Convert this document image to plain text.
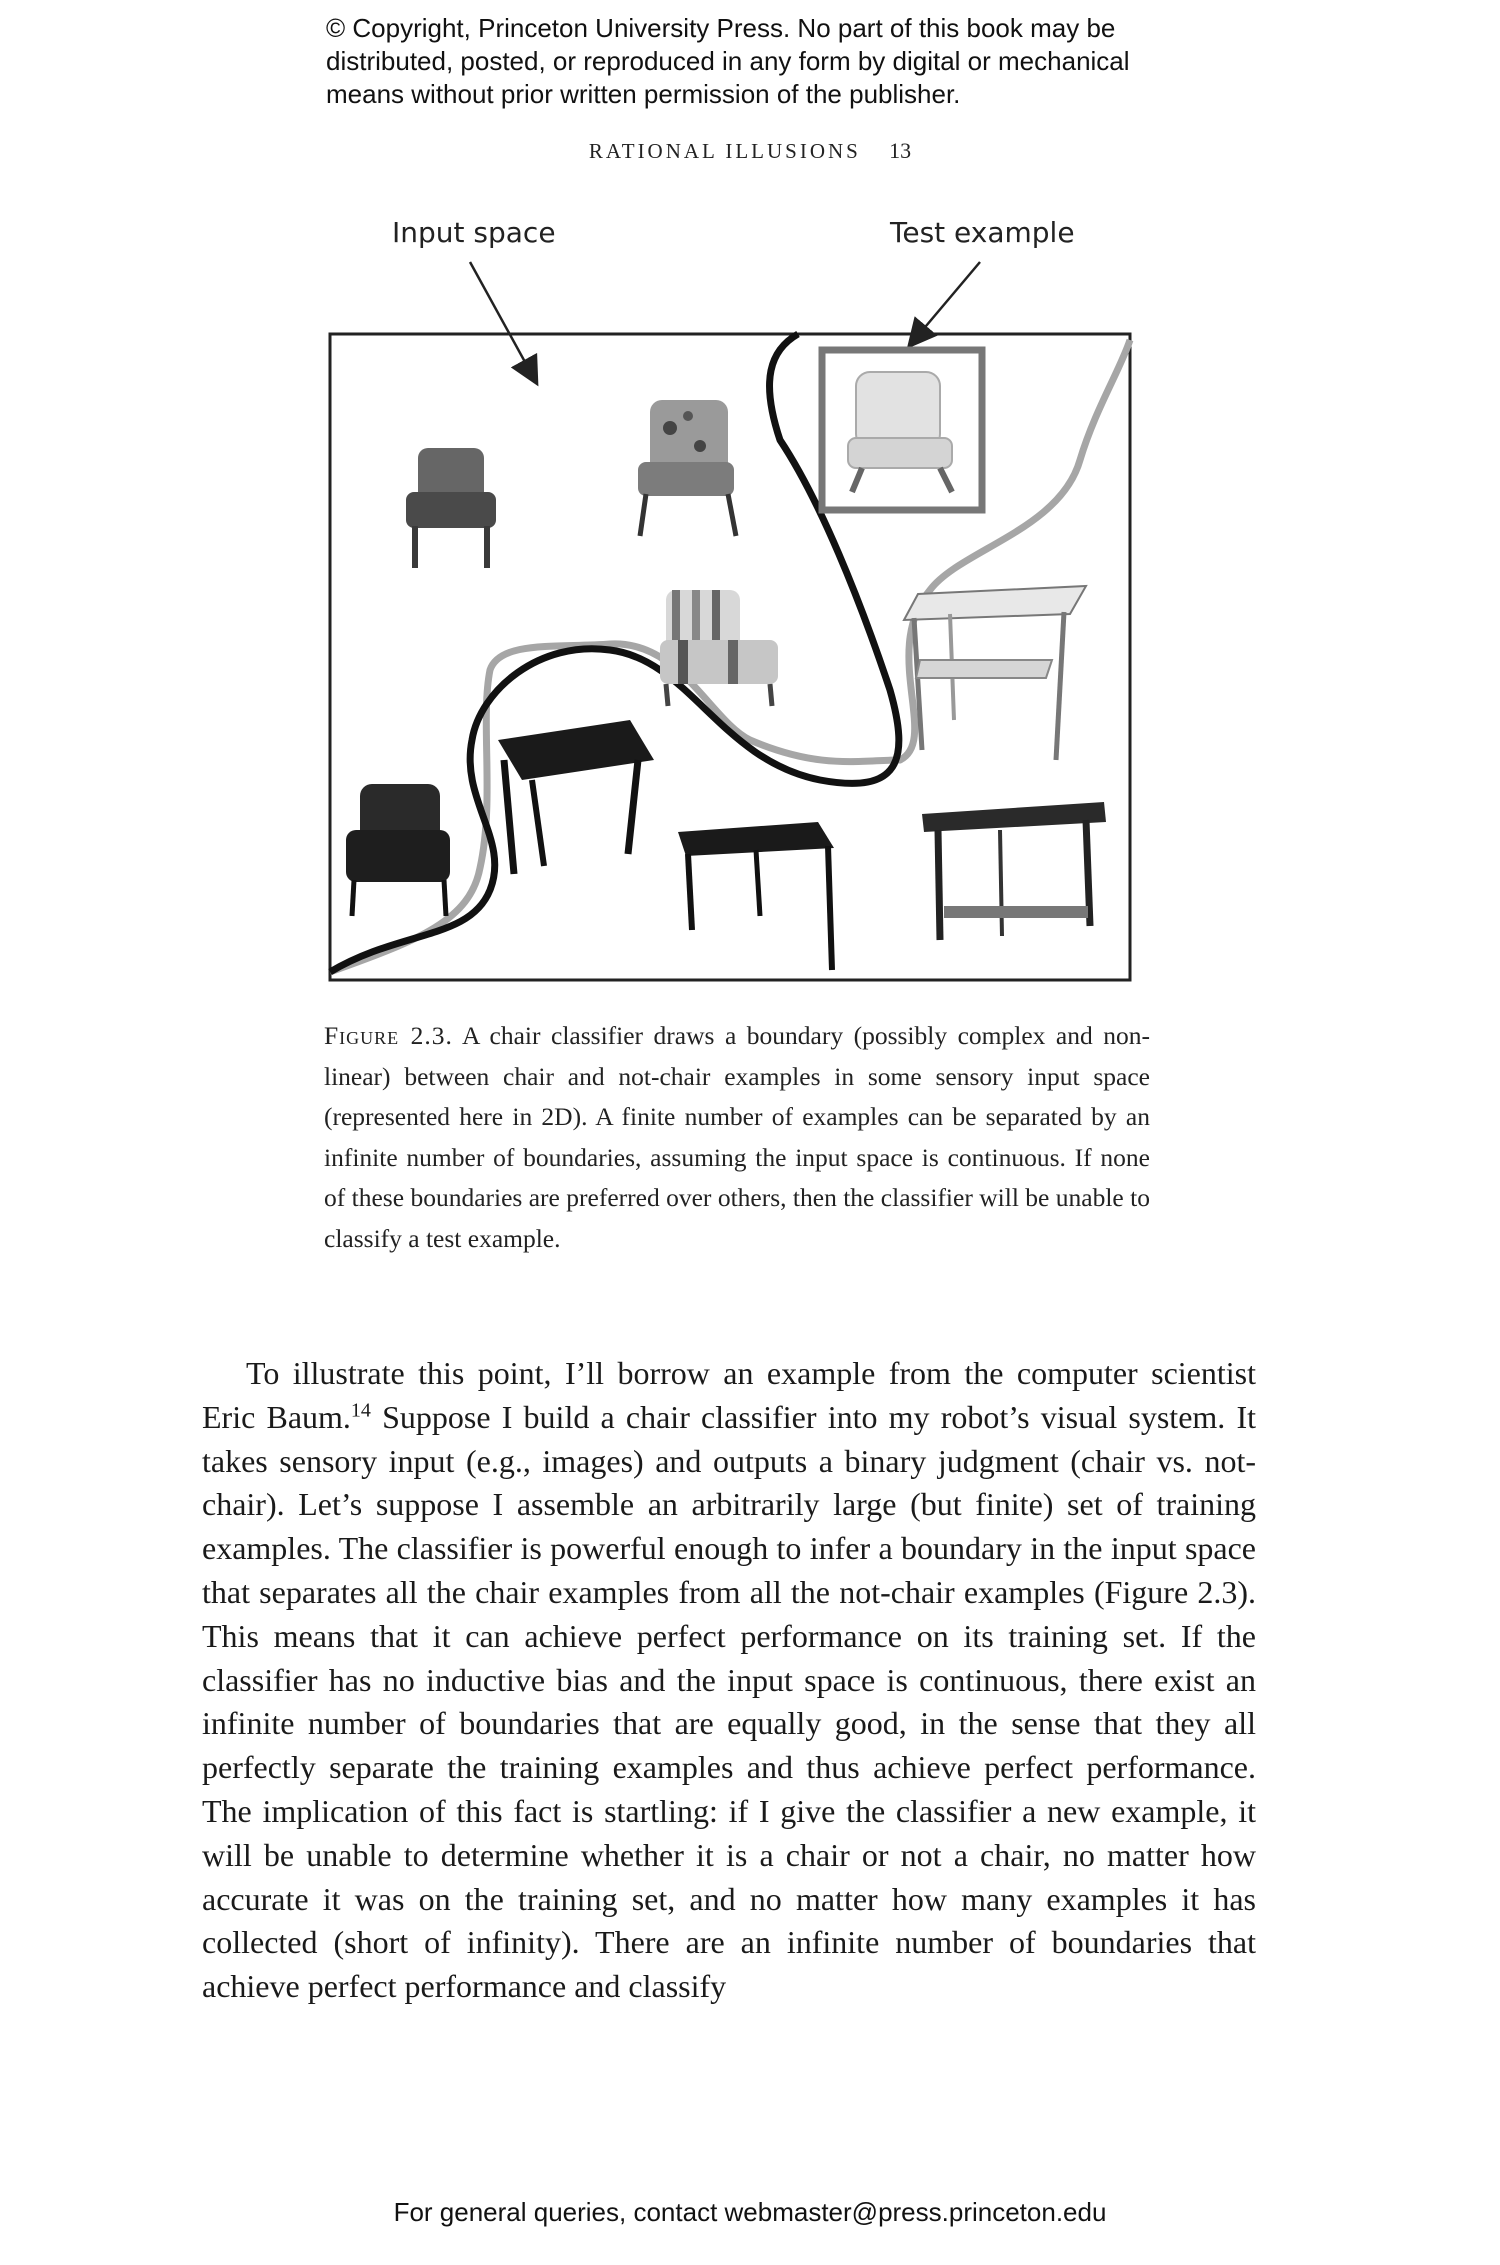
© Copyright, Princeton University Press. No part of this book may be
distributed, posted, or reproduced in any form by digital or mechanical
means without prior written permission of the publisher.
RATIONAL ILLUSIONS 13
Input space	Test example
Figure 2.3. A chair classifier draws a boundary (possibly complex and non-linear) between chair and not-chair examples in some sensory input space (represented here in 2D). A finite number of examples can be separated by an infinite number of boundaries, assuming the input space is continuous. If none of these boundaries are preferred over others, then the classifier will be unable to classify a test example.

To illustrate this point, I’ll borrow an example from the computer scientist Eric Baum.$^{14}$ Suppose I build a chair classifier into my robot’s visual system. It takes sensory input (e.g., images) and outputs a binary judgment (chair vs. not-chair). Let’s suppose I assemble an arbitrarily large (but finite) set of training examples. The classifier is powerful enough to infer a boundary in the input space that separates all the chair examples from all the not-chair examples (Figure 2.3). This means that it can achieve perfect performance on its training set. If the classifier has no inductive bias and the input space is continuous, there exist an infinite number of boundaries that are equally good, in the sense that they all perfectly separate the training examples and thus achieve perfect performance. The implication of this fact is startling: if I give the classifier a new example, it will be unable to determine whether it is a chair or not a chair, no matter how accurate it was on the training set, and no matter how many examples it has collected (short of infinity). There are an infinite number of boundaries that achieve perfect performance and classify

For general queries, contact webmaster@press.princeton.edu
